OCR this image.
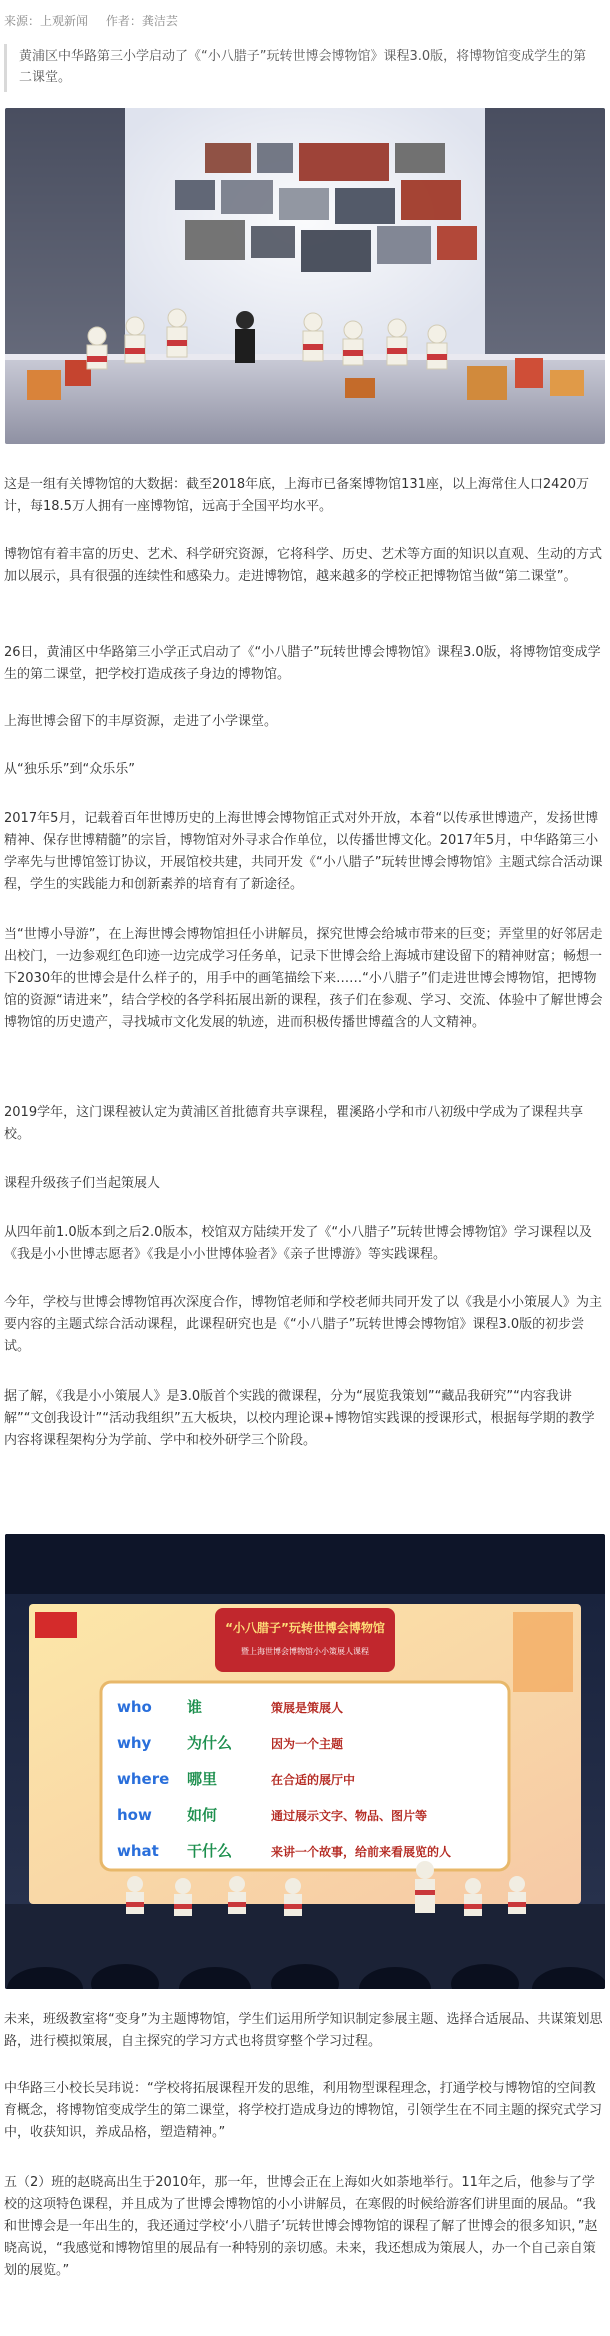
来源：上观新闻 作者：龚洁芸

黄浦区中华路第三小学启动了《“小八腊子”玩转世博会博物馆》课程3.0版，将博物馆变成学生的第二课堂。

这是一组有关博物馆的大数据：截至2018年底，上海市已备案博物馆131座，以上海常住人口2420万计，每18.5万人拥有一座博物馆，远高于全国平均水平。

博物馆有着丰富的历史、艺术、科学研究资源，它将科学、历史、艺术等方面的知识以直观、生动的方式加以展示，具有很强的连续性和感染力。走进博物馆，越来越多的学校正把博物馆当做“第二课堂”。

26日，黄浦区中华路第三小学正式启动了《“小八腊子”玩转世博会博物馆》课程3.0版，将博物馆变成学生的第二课堂，把学校打造成孩子身边的博物馆。

上海世博会留下的丰厚资源，走进了小学课堂。

从“独乐乐”到“众乐乐”

2017年5月，记载着百年世博历史的上海世博会博物馆正式对外开放，本着“以传承世博遗产，发扬世博精神、保存世博精髓”的宗旨，博物馆对外寻求合作单位，以传播世博文化。2017年5月，中华路第三小学率先与世博馆签订协议，开展馆校共建，共同开发《“小八腊子”玩转世博会博物馆》主题式综合活动课程，学生的实践能力和创新素养的培育有了新途径。

当“世博小导游”，在上海世博会博物馆担任小讲解员，探究世博会给城市带来的巨变；弄堂里的好邻居走出校门，一边参观红色印迹一边完成学习任务单，记录下世博会给上海城市建设留下的精神财富；畅想一下2030年的世博会是什么样子的，用手中的画笔描绘下来……“小八腊子”们走进世博会博物馆，把博物馆的资源“请进来”，结合学校的各学科拓展出新的课程，孩子们在参观、学习、交流、体验中了解世博会博物馆的历史遗产，寻找城市文化发展的轨迹，进而积极传播世博蕴含的人文精神。

2019学年，这门课程被认定为黄浦区首批德育共享课程，瞿溪路小学和市八初级中学成为了课程共享校。

课程升级孩子们当起策展人

从四年前1.0版本到之后2.0版本，校馆双方陆续开发了《“小八腊子”玩转世博会博物馆》学习课程以及《我是小小世博志愿者》《我是小小世博体验者》《亲子世博游》等实践课程。

今年，学校与世博会博物馆再次深度合作，博物馆老师和学校老师共同开发了以《我是小小策展人》为主要内容的主题式综合活动课程，此课程研究也是《“小八腊子”玩转世博会博物馆》课程3.0版的初步尝试。

据了解，《我是小小策展人》是3.0版首个实践的微课程，分为“展览我策划”“藏品我研究”“内容我讲解”“文创我设计”“活动我组织”五大板块，以校内理论课+博物馆实践课的授课形式，根据每学期的教学内容将课程架构分为学前、学中和校外研学三个阶段。

“小八腊子”玩转世博会博物馆
暨上海世博会博物馆小小策展人课程
who 谁	策展是策展人
why 为什么	因为一个主题
where 哪里	在合适的展厅中
how 如何	通过展示文字、物品、图片等
what 干什么	来讲一个故事，给前来看展览的人

未来，班级教室将“变身”为主题博物馆，学生们运用所学知识制定参展主题、选择合适展品、共谋策划思路，进行模拟策展，自主探究的学习方式也将贯穿整个学习过程。

中华路三小校长吴玮说：“学校将拓展课程开发的思维，利用物型课程理念，打通学校与博物馆的空间教育概念，将博物馆变成学生的第二课堂，将学校打造成身边的博物馆，引领学生在不同主题的探究式学习中，收获知识，养成品格，塑造精神。”

五（2）班的赵晓高出生于2010年，那一年，世博会正在上海如火如荼地举行。11年之后，他参与了学校的这项特色课程，并且成为了世博会博物馆的小小讲解员，在寒假的时候给游客们讲里面的展品。“我和世博会是一年出生的，我还通过学校‘小八腊子’玩转世博会博物馆的课程了解了世博会的很多知识，”赵晓高说，“我感觉和博物馆里的展品有一种特别的亲切感。未来，我还想成为策展人，办一个自己亲自策划的展览。”
